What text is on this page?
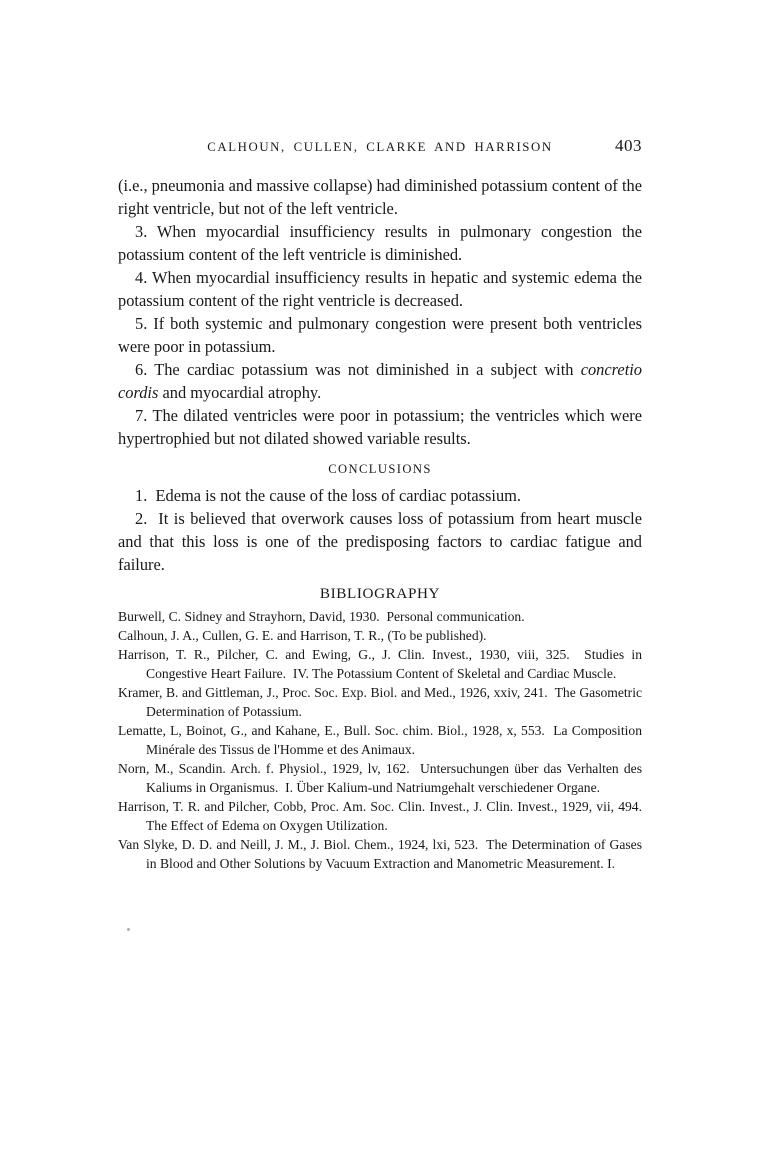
CALHOUN, CULLEN, CLARKE AND HARRISON	403

(i.e., pneumonia and massive collapse) had diminished potassium content of the right ventricle, but not of the left ventricle.

3. When myocardial insufficiency results in pulmonary congestion the potassium content of the left ventricle is diminished.

4. When myocardial insufficiency results in hepatic and systemic edema the potassium content of the right ventricle is decreased.

5. If both systemic and pulmonary congestion were present both ventricles were poor in potassium.

6. The cardiac potassium was not diminished in a subject with concretio cordis and myocardial atrophy.

7. The dilated ventricles were poor in potassium; the ventricles which were hypertrophied but not dilated showed variable results.

CONCLUSIONS

1.  Edema is not the cause of the loss of cardiac potassium.

2.  It is believed that overwork causes loss of potassium from heart muscle and that this loss is one of the predisposing factors to cardiac fatigue and failure.

BIBLIOGRAPHY

Burwell, C. Sidney and Strayhorn, David, 1930.  Personal communication.

Calhoun, J. A., Cullen, G. E. and Harrison, T. R., (To be published).

Harrison, T. R., Pilcher, C. and Ewing, G., J. Clin. Invest., 1930, viii, 325.  Studies in Congestive Heart Failure.  IV. The Potassium Content of Skeletal and Cardiac Muscle.

Kramer, B. and Gittleman, J., Proc. Soc. Exp. Biol. and Med., 1926, xxiv, 241.  The Gasometric Determination of Potassium.

Lematte, L, Boinot, G., and Kahane, E., Bull. Soc. chim. Biol., 1928, x, 553.  La Composition Minérale des Tissus de l'Homme et des Animaux.

Norn, M., Scandin. Arch. f. Physiol., 1929, lv, 162.  Untersuchungen über das Verhalten des Kaliums in Organismus.  I. Über Kalium-und Natriumgehalt verschiedener Organe.

Harrison, T. R. and Pilcher, Cobb, Proc. Am. Soc. Clin. Invest., J. Clin. Invest., 1929, vii, 494.  The Effect of Edema on Oxygen Utilization.

Van Slyke, D. D. and Neill, J. M., J. Biol. Chem., 1924, lxi, 523.  The Determination of Gases in Blood and Other Solutions by Vacuum Extraction and Manometric Measurement. I.
